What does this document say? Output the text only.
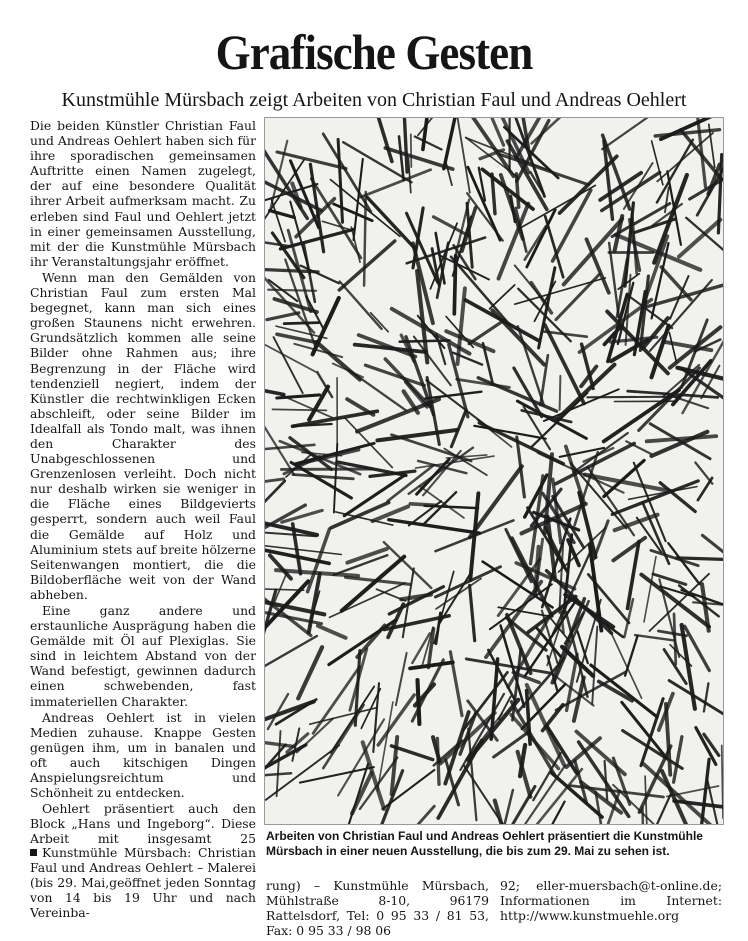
Grafische Gesten
Kunstmühle Mürsbach zeigt Arbeiten von Christian Faul und Andreas Oehlert

Die beiden Künstler Christian Faul und Andreas Oehlert haben sich für ihre sporadischen gemeinsamen Auftritte einen Namen zugelegt, der auf eine besondere Qualität ihrer Arbeit aufmerksam macht. Zu erleben sind Faul und Oehlert jetzt in einer gemeinsamen Ausstellung, mit der die Kunstmühle Mürsbach ihr Veranstaltungsjahr eröffnet.

Wenn man den Gemälden von Christian Faul zum ersten Mal begegnet, kann man sich eines großen Staunens nicht erwehren. Grundsätzlich kommen alle seine Bilder ohne Rahmen aus; ihre Begrenzung in der Fläche wird tendenziell negiert, indem der Künstler die rechtwinkligen Ecken abschleift, oder seine Bilder im Idealfall als Tondo malt, was ihnen den Charakter des Unabgeschlossenen und Grenzenlosen verleiht. Doch nicht nur deshalb wirken sie weniger in die Fläche eines Bildgevierts gesperrt, sondern auch weil Faul die Gemälde auf Holz und Aluminium stets auf breite hölzerne Seitenwangen montiert, die die Bildoberfläche weit von der Wand abheben.

Eine ganz andere und erstaunliche Ausprägung haben die Gemälde mit Öl auf Plexiglas. Sie sind in leichtem Abstand von der Wand befestigt, gewinnen dadurch einen schwebenden, fast immateriellen Charakter.

Andreas Oehlert ist in vielen Medien zuhause. Knappe Gesten genügen ihm, um in banalen und oft auch kitschigen Dingen Anspielungsreichtum und Schönheit zu entdecken.

Oehlert präsentiert auch den Block „Hans und Ingeborg“. Diese Arbeit mit insgesamt 25 Arbeiten von Christian Faul und Andreas Oehlert präsentiert die Kunstmühle Mürsbach in einer neuen Ausstellung, die bis zum 29. Mai zu sehen ist.
Kunstmühle Mürsbach: Christian Faul und Andreas Oehlert – Malerei (bis 29. Mai,geöffnet jeden Sonntag von 14 bis 19 Uhr und nach Vereinba-
rung) – Kunstmühle Mürsbach, Mühlstraße 8-10, 96179 Rattelsdorf, Tel: 0 95 33 / 81 53, Fax: 0 95 33 / 98 06
92; eller-muersbach@t-online.de; Informationen im Internet: http://www.kunstmuehle.org
